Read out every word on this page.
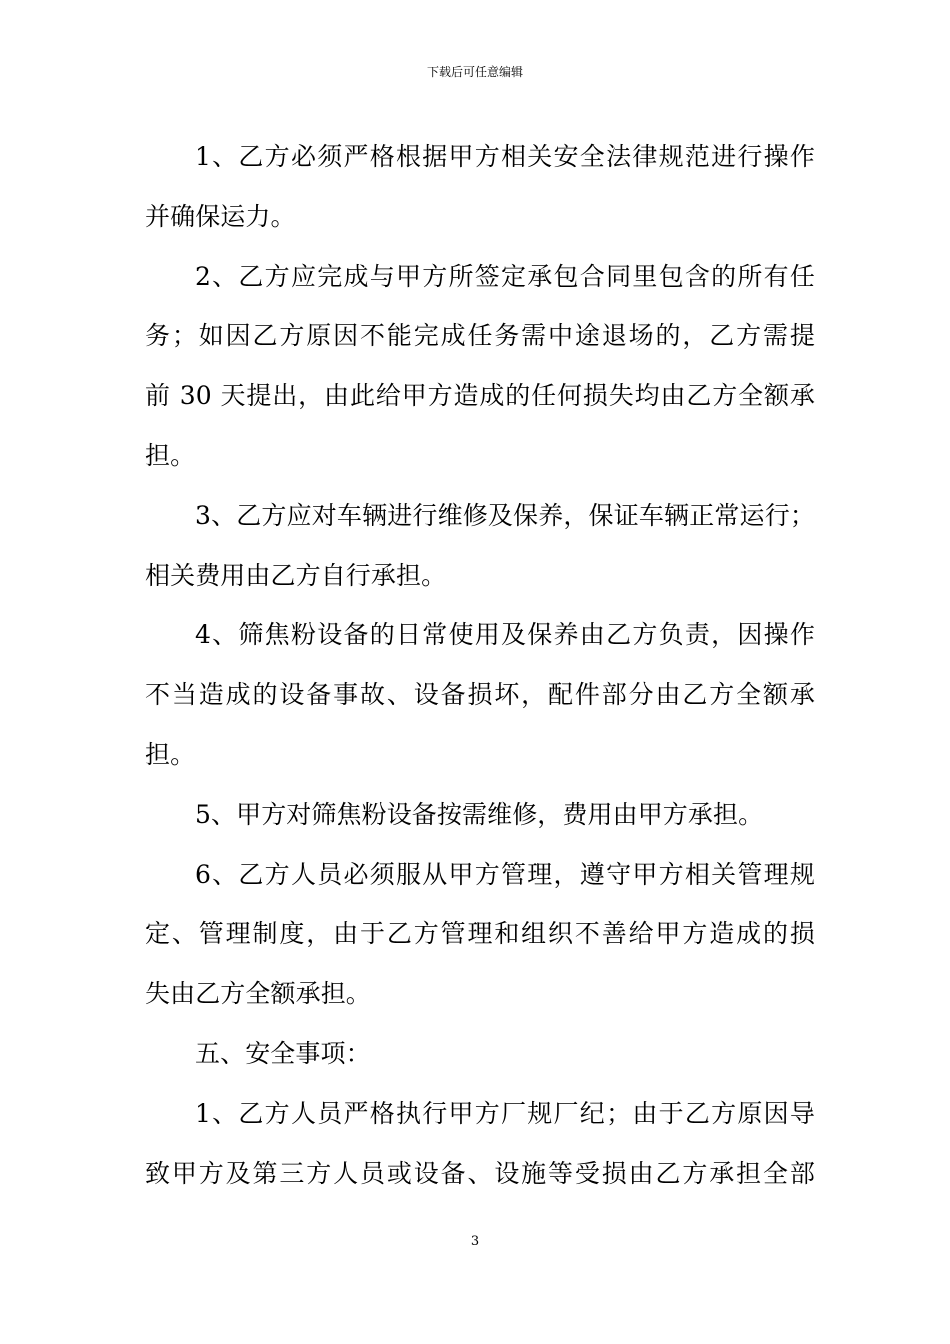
下载后可任意编辑
1、乙方必须严格根据甲方相关安全法律规范进行操作
并确保运力。
2、乙方应完成与甲方所签定承包合同里包含的所有任
务；如因乙方原因不能完成任务需中途退场的，乙方需提
前 30 天提出，由此给甲方造成的任何损失均由乙方全额承
担。
3、乙方应对车辆进行维修及保养，保证车辆正常运行；
相关费用由乙方自行承担。
4、筛焦粉设备的日常使用及保养由乙方负责，因操作
不当造成的设备事故、设备损坏，配件部分由乙方全额承
担。
5、甲方对筛焦粉设备按需维修，费用由甲方承担。
6、乙方人员必须服从甲方管理，遵守甲方相关管理规
定、管理制度，由于乙方管理和组织不善给甲方造成的损
失由乙方全额承担。
五、安全事项：
1、乙方人员严格执行甲方厂规厂纪；由于乙方原因导
致甲方及第三方人员或设备、设施等受损由乙方承担全部
3
